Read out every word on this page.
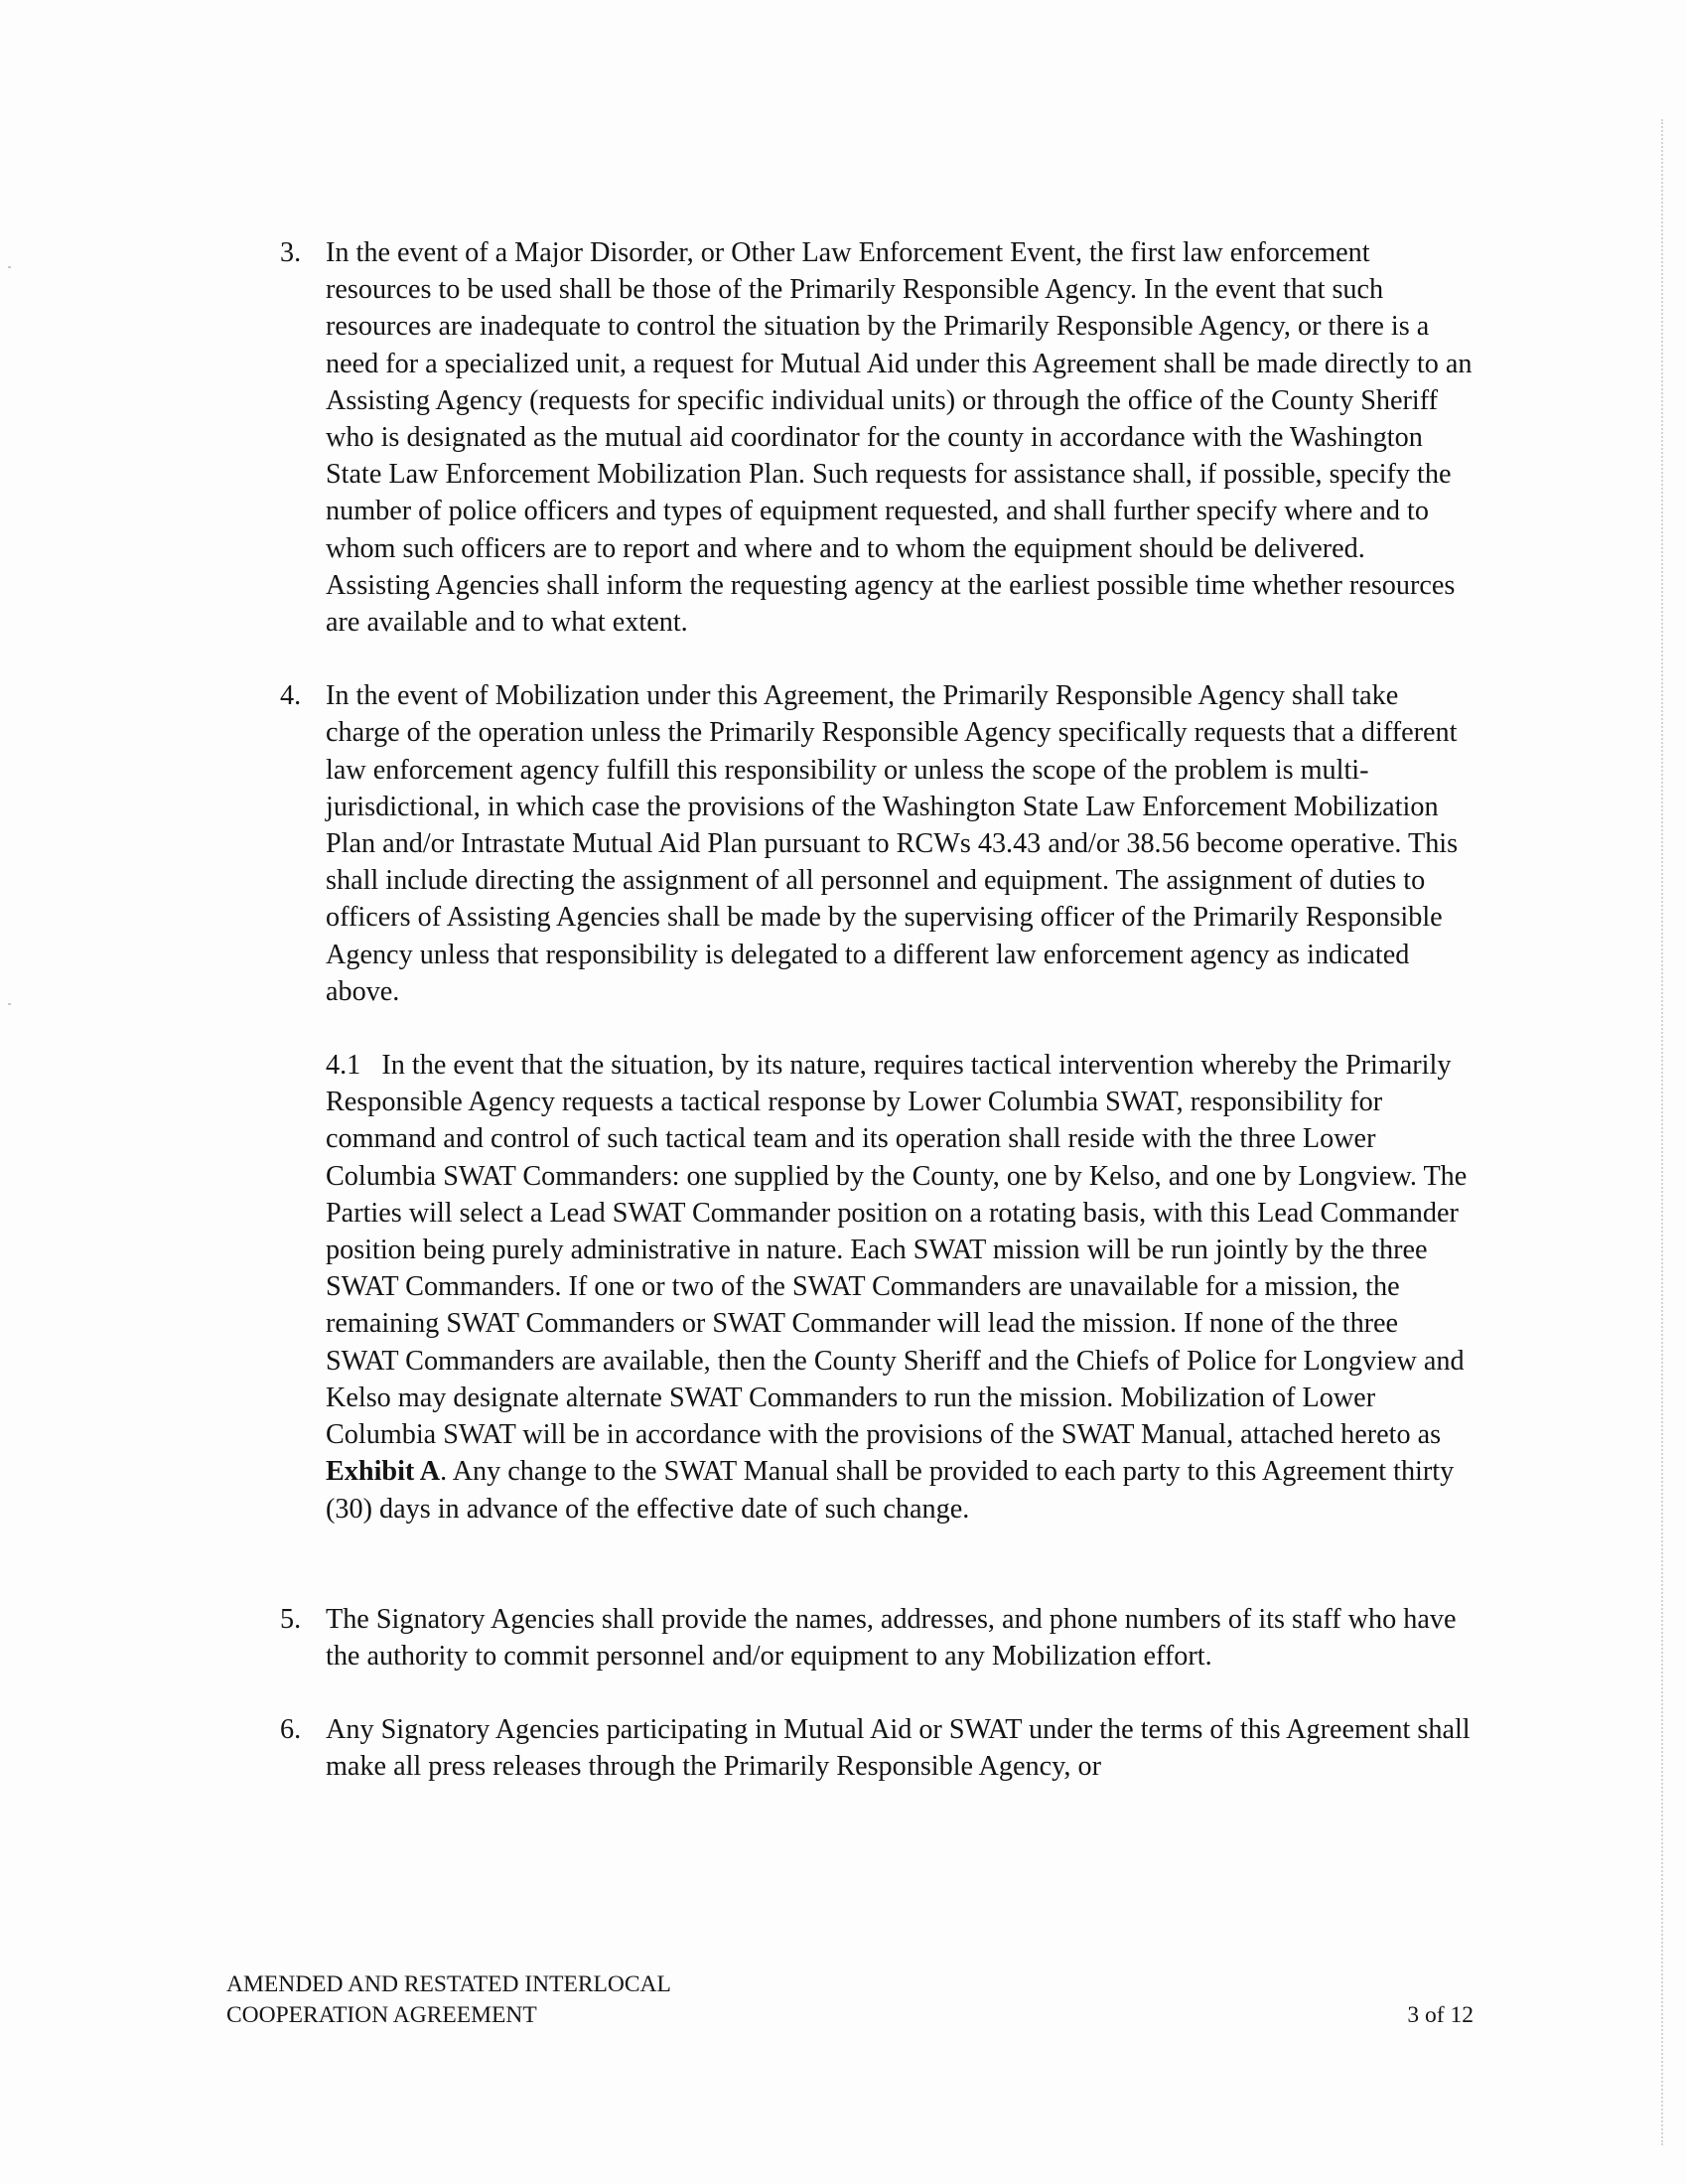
3. In the event of a Major Disorder, or Other Law Enforcement Event, the first law enforcement resources to be used shall be those of the Primarily Responsible Agency. In the event that such resources are inadequate to control the situation by the Primarily Responsible Agency, or there is a need for a specialized unit, a request for Mutual Aid under this Agreement shall be made directly to an Assisting Agency (requests for specific individual units) or through the office of the County Sheriff who is designated as the mutual aid coordinator for the county in accordance with the Washington State Law Enforcement Mobilization Plan. Such requests for assistance shall, if possible, specify the number of police officers and types of equipment requested, and shall further specify where and to whom such officers are to report and where and to whom the equipment should be delivered. Assisting Agencies shall inform the requesting agency at the earliest possible time whether resources are available and to what extent.

4. In the event of Mobilization under this Agreement, the Primarily Responsible Agency shall take charge of the operation unless the Primarily Responsible Agency specifically requests that a different law enforcement agency fulfill this responsibility or unless the scope of the problem is multi-jurisdictional, in which case the provisions of the Washington State Law Enforcement Mobilization Plan and/or Intrastate Mutual Aid Plan pursuant to RCWs 43.43 and/or 38.56 become operative. This shall include directing the assignment of all personnel and equipment. The assignment of duties to officers of Assisting Agencies shall be made by the supervising officer of the Primarily Responsible Agency unless that responsibility is delegated to a different law enforcement agency as indicated above.

4.1 In the event that the situation, by its nature, requires tactical intervention whereby the Primarily Responsible Agency requests a tactical response by Lower Columbia SWAT, responsibility for command and control of such tactical team and its operation shall reside with the three Lower Columbia SWAT Commanders: one supplied by the County, one by Kelso, and one by Longview. The Parties will select a Lead SWAT Commander position on a rotating basis, with this Lead Commander position being purely administrative in nature. Each SWAT mission will be run jointly by the three SWAT Commanders. If one or two of the SWAT Commanders are unavailable for a mission, the remaining SWAT Commanders or SWAT Commander will lead the mission. If none of the three SWAT Commanders are available, then the County Sheriff and the Chiefs of Police for Longview and Kelso may designate alternate SWAT Commanders to run the mission. Mobilization of Lower Columbia SWAT will be in accordance with the provisions of the SWAT Manual, attached hereto as Exhibit A. Any change to the SWAT Manual shall be provided to each party to this Agreement thirty (30) days in advance of the effective date of such change.

5. The Signatory Agencies shall provide the names, addresses, and phone numbers of its staff who have the authority to commit personnel and/or equipment to any Mobilization effort.

6. Any Signatory Agencies participating in Mutual Aid or SWAT under the terms of this Agreement shall make all press releases through the Primarily Responsible Agency, or

AMENDED AND RESTATED INTERLOCAL
COOPERATION AGREEMENT	3 of 12
